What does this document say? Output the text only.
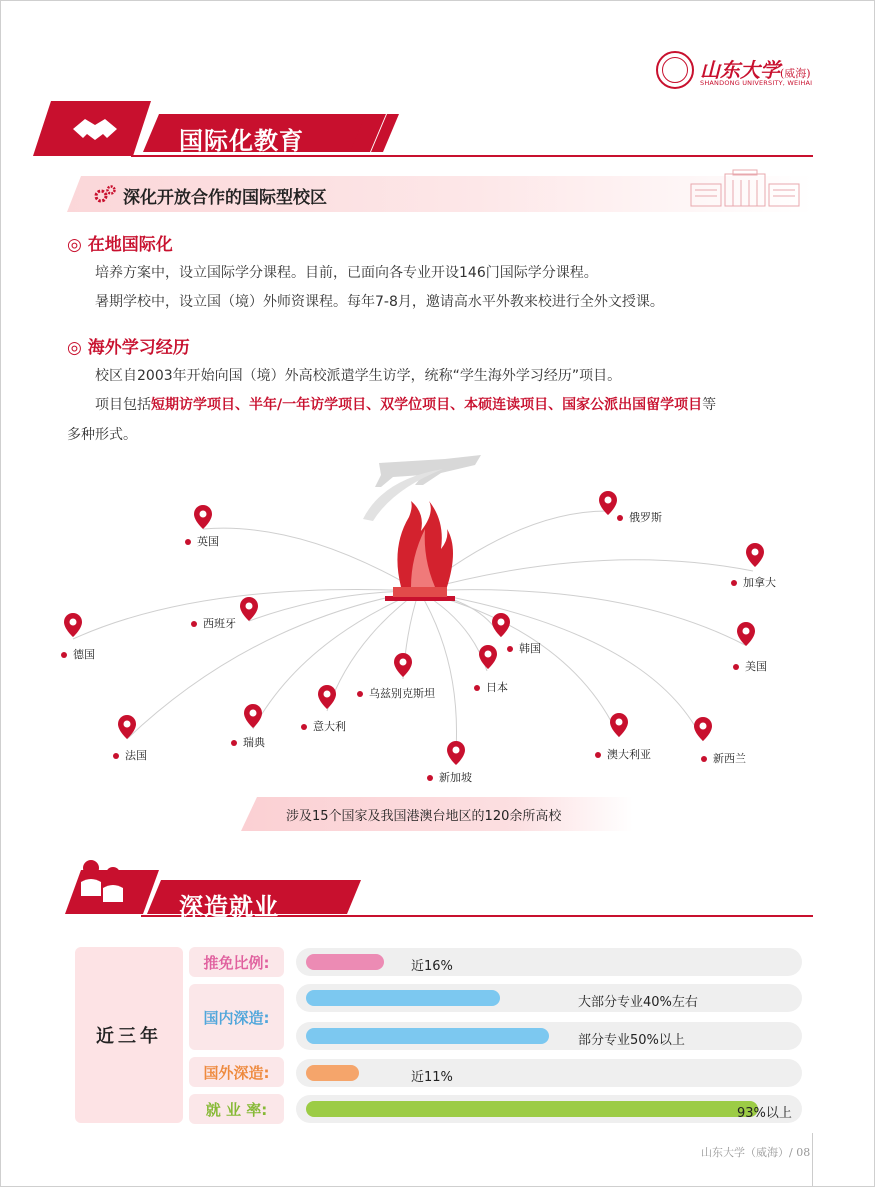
山东大学(威海)
SHANDONG UNIVERSITY, WEIHAI
国际化教育
深化开放合作的国际型校区
◎ 在地国际化
培养方案中，设立国际学分课程。目前，已面向各专业开设146门国际学分课程。
暑期学校中，设立国（境）外师资课程。每年7-8月，邀请高水平外教来校进行全外文授课。
◎ 海外学习经历
校区自2003年开始向国（境）外高校派遣学生访学，统称“学生海外学习经历”项目。
项目包括短期访学项目、半年/一年访学项目、双学位项目、本硕连读项目、国家公派出国留学项目等
多种形式。
英国
俄罗斯
加拿大
西班牙
德国
美国
韩国
日本
乌兹别克斯坦
意大利
瑞典
法国
新加坡
澳大利亚	新西兰
涉及15个国家及我国港澳台地区的120余所高校
深造就业
近三年
推免比例:
国内深造:
国外深造:
就 业 率:
近16%
大部分专业40%左右
部分专业50%以上
近11%
93%以上
山东大学（威海）/ 08
